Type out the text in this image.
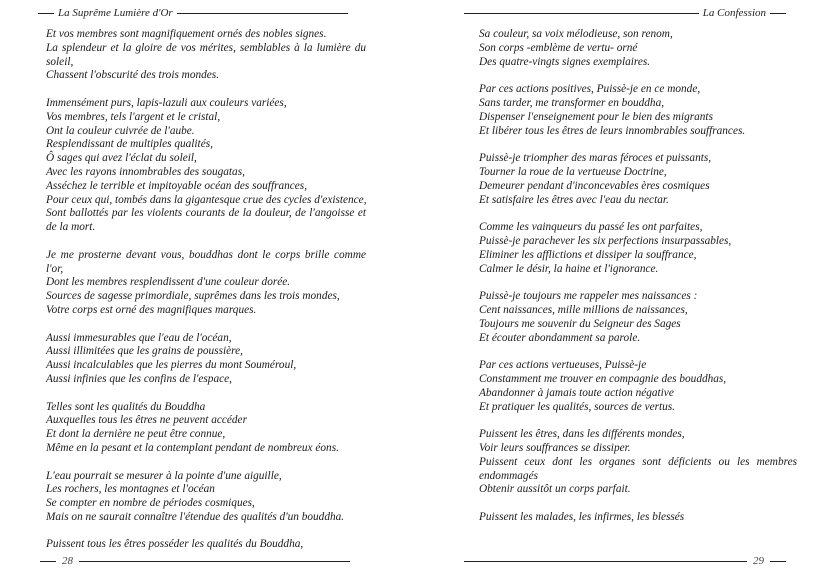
La Suprême Lumière d'Or
Et vos membres sont magnifiquement ornés des nobles signes.
La splendeur et la gloire de vos mérites, semblables à la lumière du soleil,
Chassent l'obscurité des trois mondes.
Immensément purs, lapis-lazuli aux couleurs variées,
Vos membres, tels l'argent et le cristal,
Ont la couleur cuivrée de l'aube.
Resplendissant de multiples qualités,
Ô sages qui avez l'éclat du soleil,
Avec les rayons innombrables des sougatas,
Asséchez le terrible et impitoyable océan des souffrances,
Pour ceux qui, tombés dans la gigantesque crue des cycles d'existence,
Sont ballottés par les violents courants de la douleur, de l'angoisse et de la mort.
Je me prosterne devant vous, bouddhas dont le corps brille comme l'or,
Dont les membres resplendissent d'une couleur dorée.
Sources de sagesse primordiale, suprêmes dans les trois mondes,
Votre corps est orné des magnifiques marques.
Aussi immesurables que l'eau de l'océan,
Aussi illimitées que les grains de poussière,
Aussi incalculables que les pierres du mont Souméroul,
Aussi infinies que les confins de l'espace,
Telles sont les qualités du Bouddha
Auxquelles tous les êtres ne peuvent accéder
Et dont la dernière ne peut être connue,
Même en la pesant et la contemplant pendant de nombreux éons.
L'eau pourrait se mesurer à la pointe d'une aiguille,
Les rochers, les montagnes et l'océan
Se compter en nombre de périodes cosmiques,
Mais on ne saurait connaître l'étendue des qualités d'un bouddha.
Puissent tous les êtres posséder les qualités du Bouddha,
28
La Confession
Sa couleur, sa voix mélodieuse, son renom,
Son corps -emblème de vertu- orné
Des quatre-vingts signes exemplaires.
Par ces actions positives, Puissè-je en ce monde,
Sans tarder, me transformer en bouddha,
Dispenser l'enseignement pour le bien des migrants
Et libérer tous les êtres de leurs innombrables souffrances.
Puissè-je triompher des maras féroces et puissants,
Tourner la roue de la vertueuse Doctrine,
Demeurer pendant d'inconcevables ères cosmiques
Et satisfaire les êtres avec l'eau du nectar.
Comme les vainqueurs du passé les ont parfaites,
Puissè-je parachever les six perfections insurpassables,
Eliminer les afflictions et dissiper la souffrance,
Calmer le désir, la haine et l'ignorance.
Puissè-je toujours me rappeler mes naissances :
Cent naissances, mille millions de naissances,
Toujours me souvenir du Seigneur des Sages
Et écouter abondamment sa parole.
Par ces actions vertueuses, Puissè-je
Constamment me trouver en compagnie des bouddhas,
Abandonner à jamais toute action négative
Et pratiquer les qualités, sources de vertus.
Puissent les êtres, dans les différents mondes,
Voir leurs souffrances se dissiper.
Puissent ceux dont les organes sont déficients ou les membres endommagés
Obtenir aussitôt un corps parfait.
Puissent les malades, les infirmes, les blessés
29
